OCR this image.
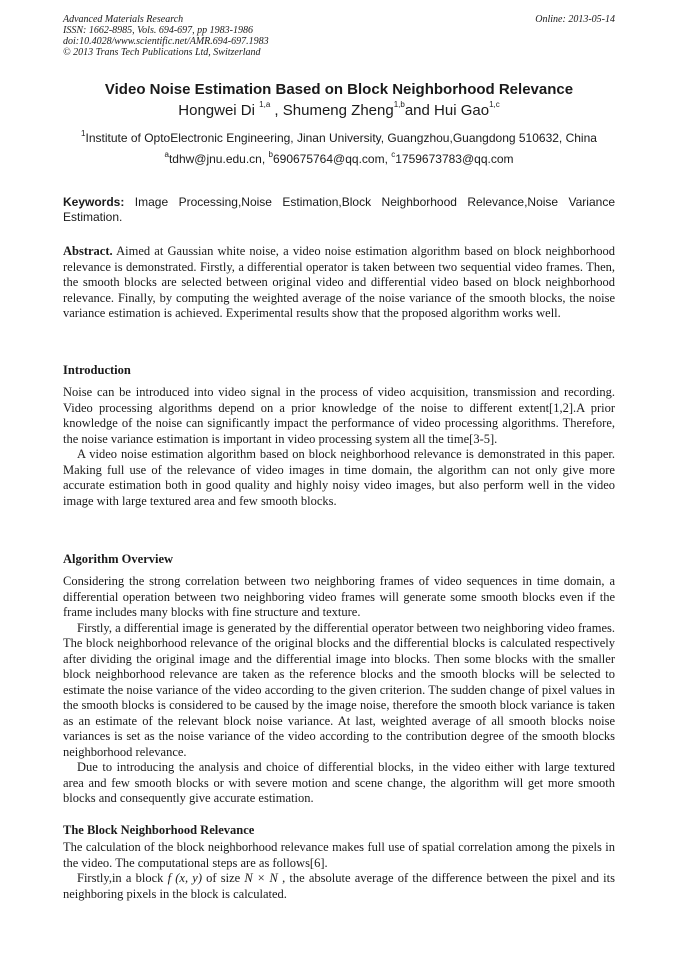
Advanced Materials Research
ISSN: 1662-8985, Vols. 694-697, pp 1983-1986
doi:10.4028/www.scientific.net/AMR.694-697.1983
© 2013 Trans Tech Publications Ltd, Switzerland
Online: 2013-05-14
Video Noise Estimation Based on Block Neighborhood Relevance
Hongwei Di $^{1,a}$ , Shumeng Zheng$^{1,b}$and Hui Gao$^{1,c}$
$^1$Institute of OptoElectronic Engineering, Jinan University, Guangzhou,Guangdong 510632, China
$^a$tdhw@jnu.edu.cn, $^b$690675764@qq.com, $^c$1759673783@qq.com
Keywords: Image Processing,Noise Estimation,Block Neighborhood Relevance,Noise Variance Estimation.
Abstract. Aimed at Gaussian white noise, a video noise estimation algorithm based on block neighborhood relevance is demonstrated. Firstly, a differential operator is taken between two sequential video frames. Then, the smooth blocks are selected between original video and differential video based on block neighborhood relevance. Finally, by computing the weighted average of the noise variance of the smooth blocks, the noise variance estimation is achieved. Experimental results show that the proposed algorithm works well.
Introduction

Noise can be introduced into video signal in the process of video acquisition, transmission and recording. Video processing algorithms depend on a prior knowledge of the noise to different extent[1,2].A prior knowledge of the noise can significantly impact the performance of video processing algorithms. Therefore, the noise variance estimation is important in video processing system all the time[3-5].

A video noise estimation algorithm based on block neighborhood relevance is demonstrated in this paper. Making full use of the relevance of video images in time domain, the algorithm can not only give more accurate estimation both in good quality and highly noisy video images, but also perform well in the video image with large textured area and few smooth blocks.

Algorithm Overview

Considering the strong correlation between two neighboring frames of video sequences in time domain, a differential operation between two neighboring video frames will generate some smooth blocks even if the frame includes many blocks with fine structure and texture.

Firstly, a differential image is generated by the differential operator between two neighboring video frames. The block neighborhood relevance of the original blocks and the differential blocks is calculated respectively after dividing the original image and the differential image into blocks. Then some blocks with the smaller block neighborhood relevance are taken as the reference blocks and the smooth blocks will be selected to estimate the noise variance of the video according to the given criterion. The sudden change of pixel values in the smooth blocks is considered to be caused by the image noise, therefore the smooth block variance is taken as an estimate of the relevant block noise variance. At last, weighted average of all smooth blocks noise variances is set as the noise variance of the video according to the contribution degree of the smooth blocks neighborhood relevance.

Due to introducing the analysis and choice of differential blocks, in the video either with large textured area and few smooth blocks or with severe motion and scene change, the algorithm will get more smooth blocks and consequently give accurate estimation.

The Block Neighborhood Relevance

The calculation of the block neighborhood relevance makes full use of spatial correlation among the pixels in the video. The computational steps are as follows[6].

Firstly,in a block f (x, y) of size N × N , the absolute average of the difference between the pixel and its neighboring pixels in the block is calculated.
